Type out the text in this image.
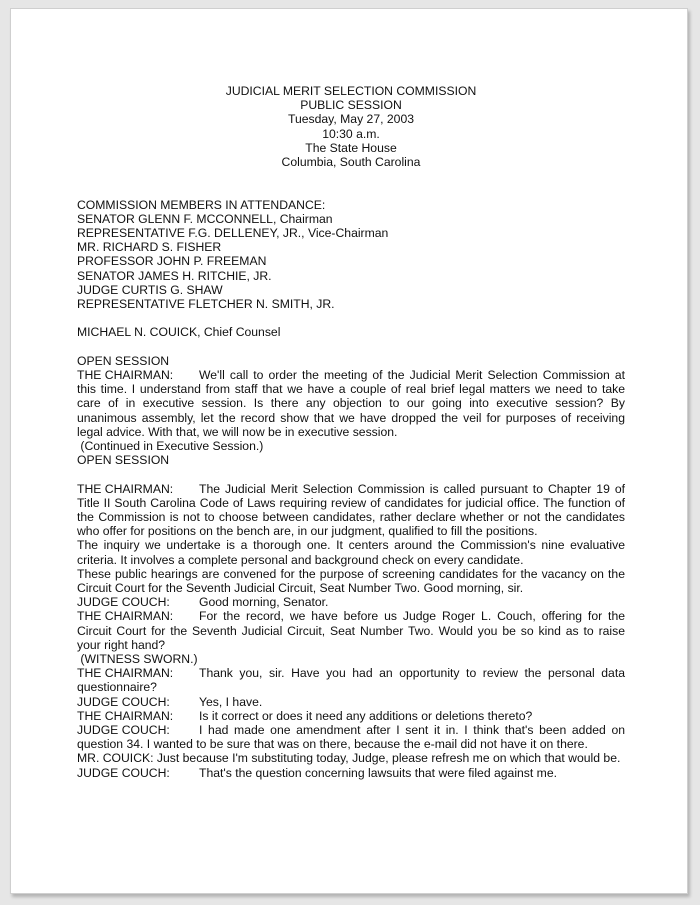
JUDICIAL MERIT SELECTION COMMISSION
PUBLIC SESSION
Tuesday, May 27, 2003
10:30 a.m.
The State House
Columbia, South Carolina
COMMISSION MEMBERS IN ATTENDANCE:
SENATOR GLENN F. MCCONNELL, Chairman
REPRESENTATIVE F.G. DELLENEY, JR., Vice-Chairman
MR. RICHARD S. FISHER
PROFESSOR JOHN P. FREEMAN
SENATOR JAMES H. RITCHIE, JR.
JUDGE CURTIS G. SHAW
REPRESENTATIVE FLETCHER N. SMITH, JR.
MICHAEL N. COUICK, Chief Counsel
OPEN SESSION
THE CHAIRMAN: We'll call to order the meeting of the Judicial Merit Selection Commission at this time. I understand from staff that we have a couple of real brief legal matters we need to take care of in executive session. Is there any objection to our going into executive session? By unanimous assembly, let the record show that we have dropped the veil for purposes of receiving legal advice. With that, we will now be in executive session.
(Continued in Executive Session.)
OPEN SESSION
THE CHAIRMAN: The Judicial Merit Selection Commission is called pursuant to Chapter 19 of Title II South Carolina Code of Laws requiring review of candidates for judicial office. The function of the Commission is not to choose between candidates, rather declare whether or not the candidates who offer for positions on the bench are, in our judgment, qualified to fill the positions.
The inquiry we undertake is a thorough one. It centers around the Commission's nine evaluative criteria. It involves a complete personal and background check on every candidate.
These public hearings are convened for the purpose of screening candidates for the vacancy on the Circuit Court for the Seventh Judicial Circuit, Seat Number Two. Good morning, sir.
JUDGE COUCH: Good morning, Senator.
THE CHAIRMAN: For the record, we have before us Judge Roger L. Couch, offering for the Circuit Court for the Seventh Judicial Circuit, Seat Number Two. Would you be so kind as to raise your right hand?
(WITNESS SWORN.)
THE CHAIRMAN: Thank you, sir. Have you had an opportunity to review the personal data questionnaire?
JUDGE COUCH: Yes, I have.
THE CHAIRMAN: Is it correct or does it need any additions or deletions thereto?
JUDGE COUCH: I had made one amendment after I sent it in. I think that's been added on question 34. I wanted to be sure that was on there, because the e-mail did not have it on there.
MR. COUICK: Just because I'm substituting today, Judge, please refresh me on which that would be.
JUDGE COUCH: That's the question concerning lawsuits that were filed against me.
